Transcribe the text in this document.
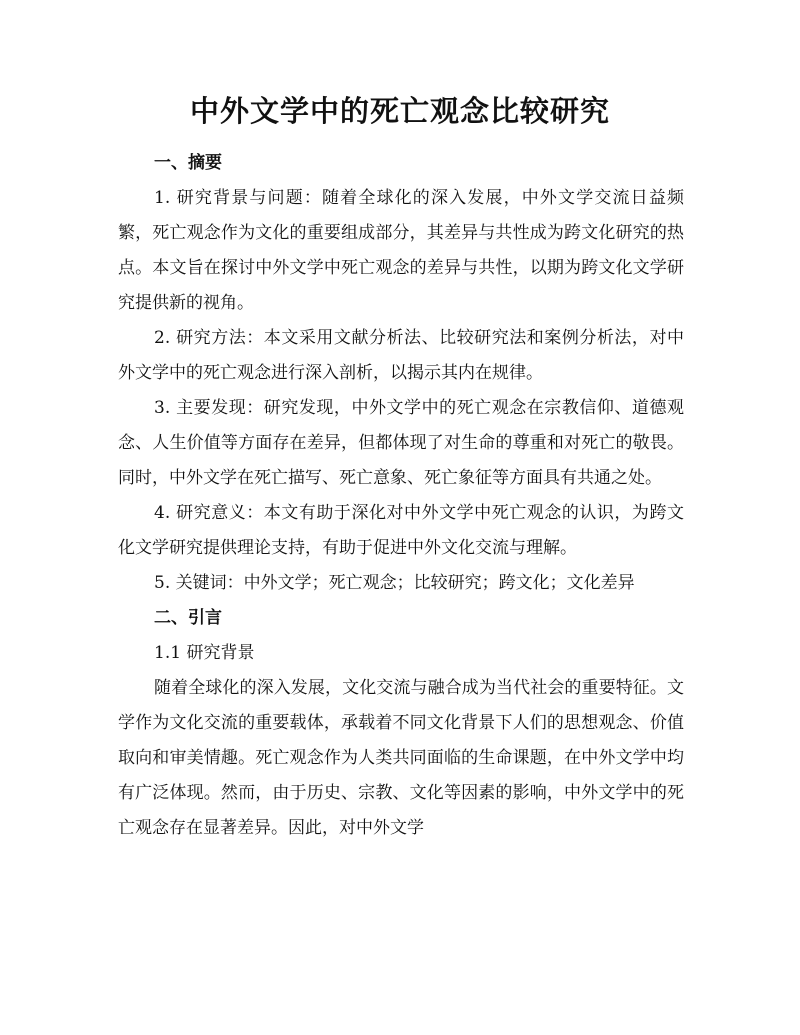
中外文学中的死亡观念比较研究
一、摘要

1. 研究背景与问题：随着全球化的深入发展，中外文学交流日益频繁，死亡观念作为文化的重要组成部分，其差异与共性成为跨文化研究的热点。本文旨在探讨中外文学中死亡观念的差异与共性，以期为跨文化文学研究提供新的视角。

2. 研究方法：本文采用文献分析法、比较研究法和案例分析法，对中外文学中的死亡观念进行深入剖析，以揭示其内在规律。

3. 主要发现：研究发现，中外文学中的死亡观念在宗教信仰、道德观念、人生价值等方面存在差异，但都体现了对生命的尊重和对死亡的敬畏。同时，中外文学在死亡描写、死亡意象、死亡象征等方面具有共通之处。

4. 研究意义：本文有助于深化对中外文学中死亡观念的认识，为跨文化文学研究提供理论支持，有助于促进中外文化交流与理解。

5. 关键词：中外文学；死亡观念；比较研究；跨文化；文化差异

二、引言

1.1 研究背景

随着全球化的深入发展，文化交流与融合成为当代社会的重要特征。文学作为文化交流的重要载体，承载着不同文化背景下人们的思想观念、价值取向和审美情趣。死亡观念作为人类共同面临的生命课题，在中外文学中均有广泛体现。然而，由于历史、宗教、文化等因素的影响，中外文学中的死亡观念存在显著差异。因此，对中外文学
